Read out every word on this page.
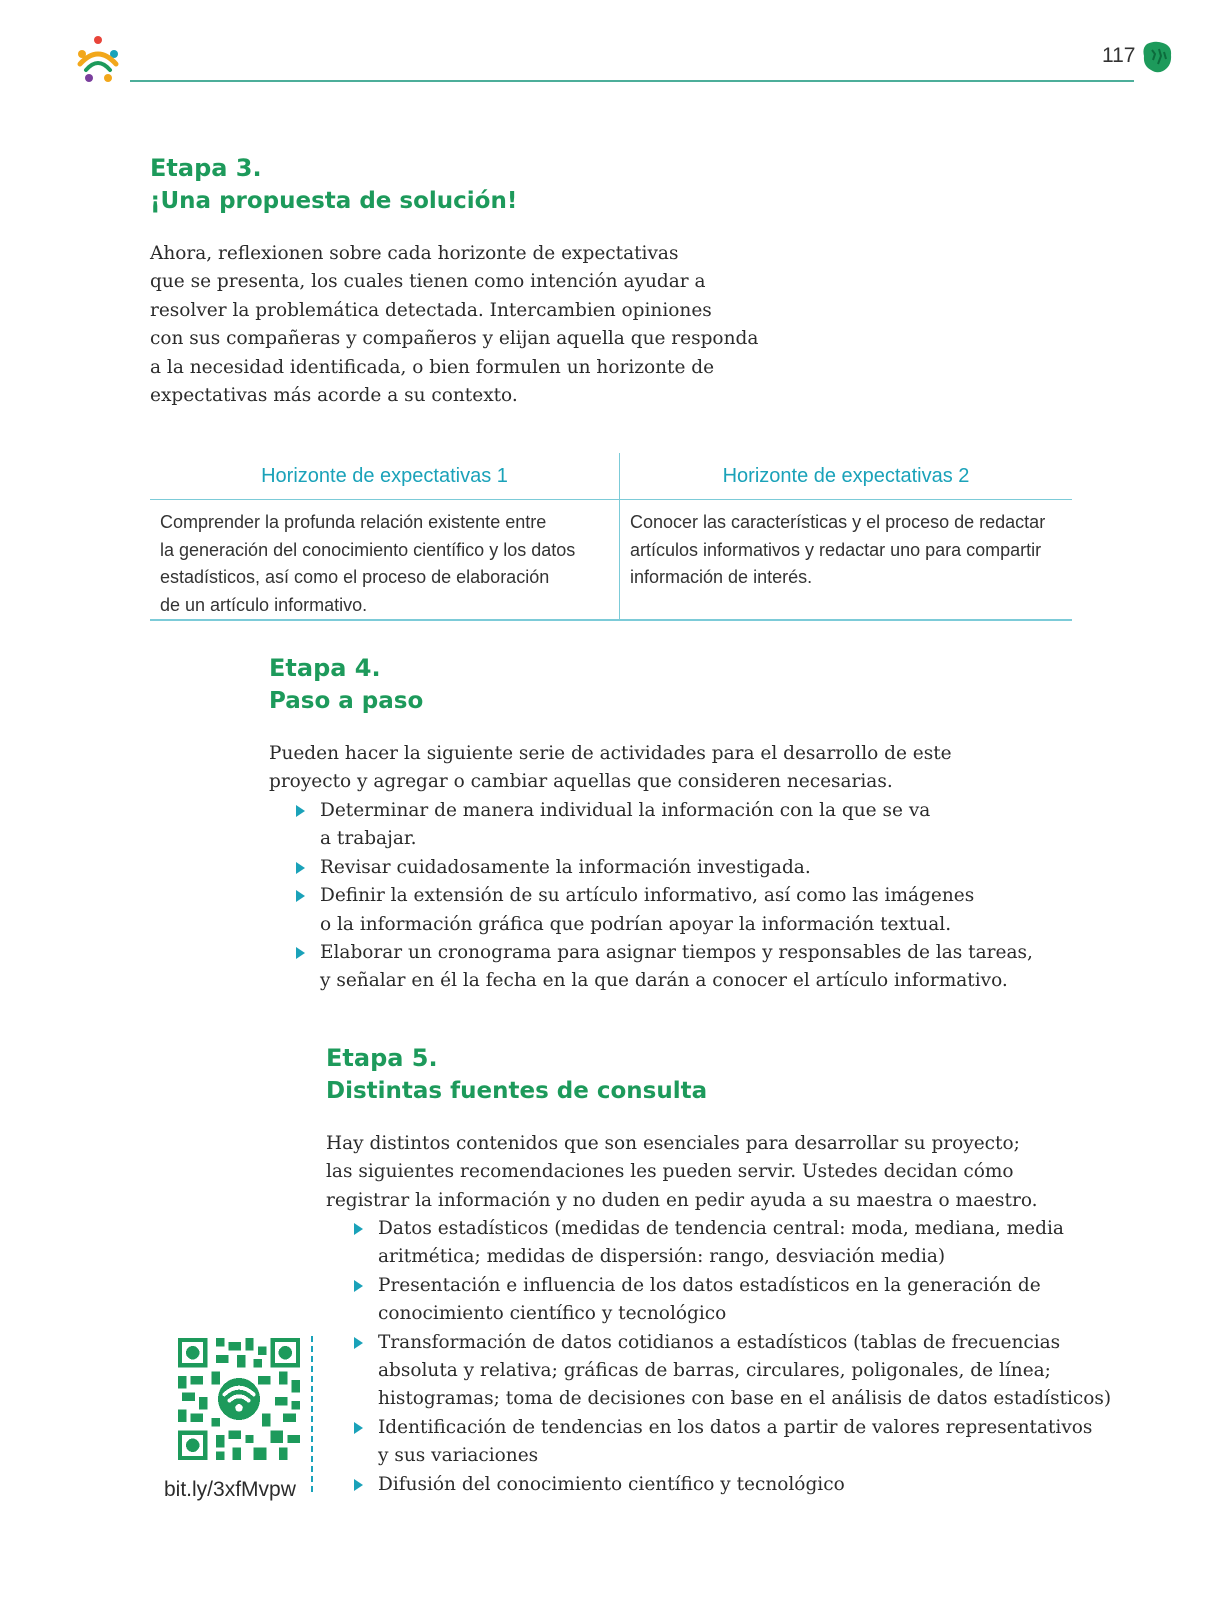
117
Etapa 3.
¡Una propuesta de solución!

Ahora, reflexionen sobre cada horizonte de expectativas
que se presenta, los cuales tienen como intención ayudar a
resolver la problemática detectada. Intercambien opiniones
con sus compañeras y compañeros y elijan aquella que responda
a la necesidad identificada, o bien formulen un horizonte de
expectativas más acorde a su contexto.

Horizonte de expectativas 1	Horizonte de expectativas 2

Comprender la profunda relación existente entre
la generación del conocimiento científico y los datos
estadísticos, así como el proceso de elaboración
de un artículo informativo.

Conocer las características y el proceso de redactar
artículos informativos y redactar uno para compartir
información de interés.

Etapa 4.
Paso a paso

Pueden hacer la siguiente serie de actividades para el desarrollo de este
proyecto y agregar o cambiar aquellas que consideren necesarias.

Determinar de manera individual la información con la que se va
a trabajar.
Revisar cuidadosamente la información investigada.
Definir la extensión de su artículo informativo, así como las imágenes
o la información gráfica que podrían apoyar la información textual.
Elaborar un cronograma para asignar tiempos y responsables de las tareas,
y señalar en él la fecha en la que darán a conocer el artículo informativo.
Etapa 5.
Distintas fuentes de consulta

Hay distintos contenidos que son esenciales para desarrollar su proyecto;
las siguientes recomendaciones les pueden servir. Ustedes decidan cómo
registrar la información y no duden en pedir ayuda a su maestra o maestro.

Datos estadísticos (medidas de tendencia central: moda, mediana, media
aritmética; medidas de dispersión: rango, desviación media)
Presentación e influencia de los datos estadísticos en la generación de
conocimiento científico y tecnológico
Transformación de datos cotidianos a estadísticos (tablas de frecuencias
absoluta y relativa; gráficas de barras, circulares, poligonales, de línea;
histogramas; toma de decisiones con base en el análisis de datos estadísticos)
Identificación de tendencias en los datos a partir de valores representativos
y sus variaciones
Difusión del conocimiento científico y tecnológico
bit.ly/3xfMvpw
